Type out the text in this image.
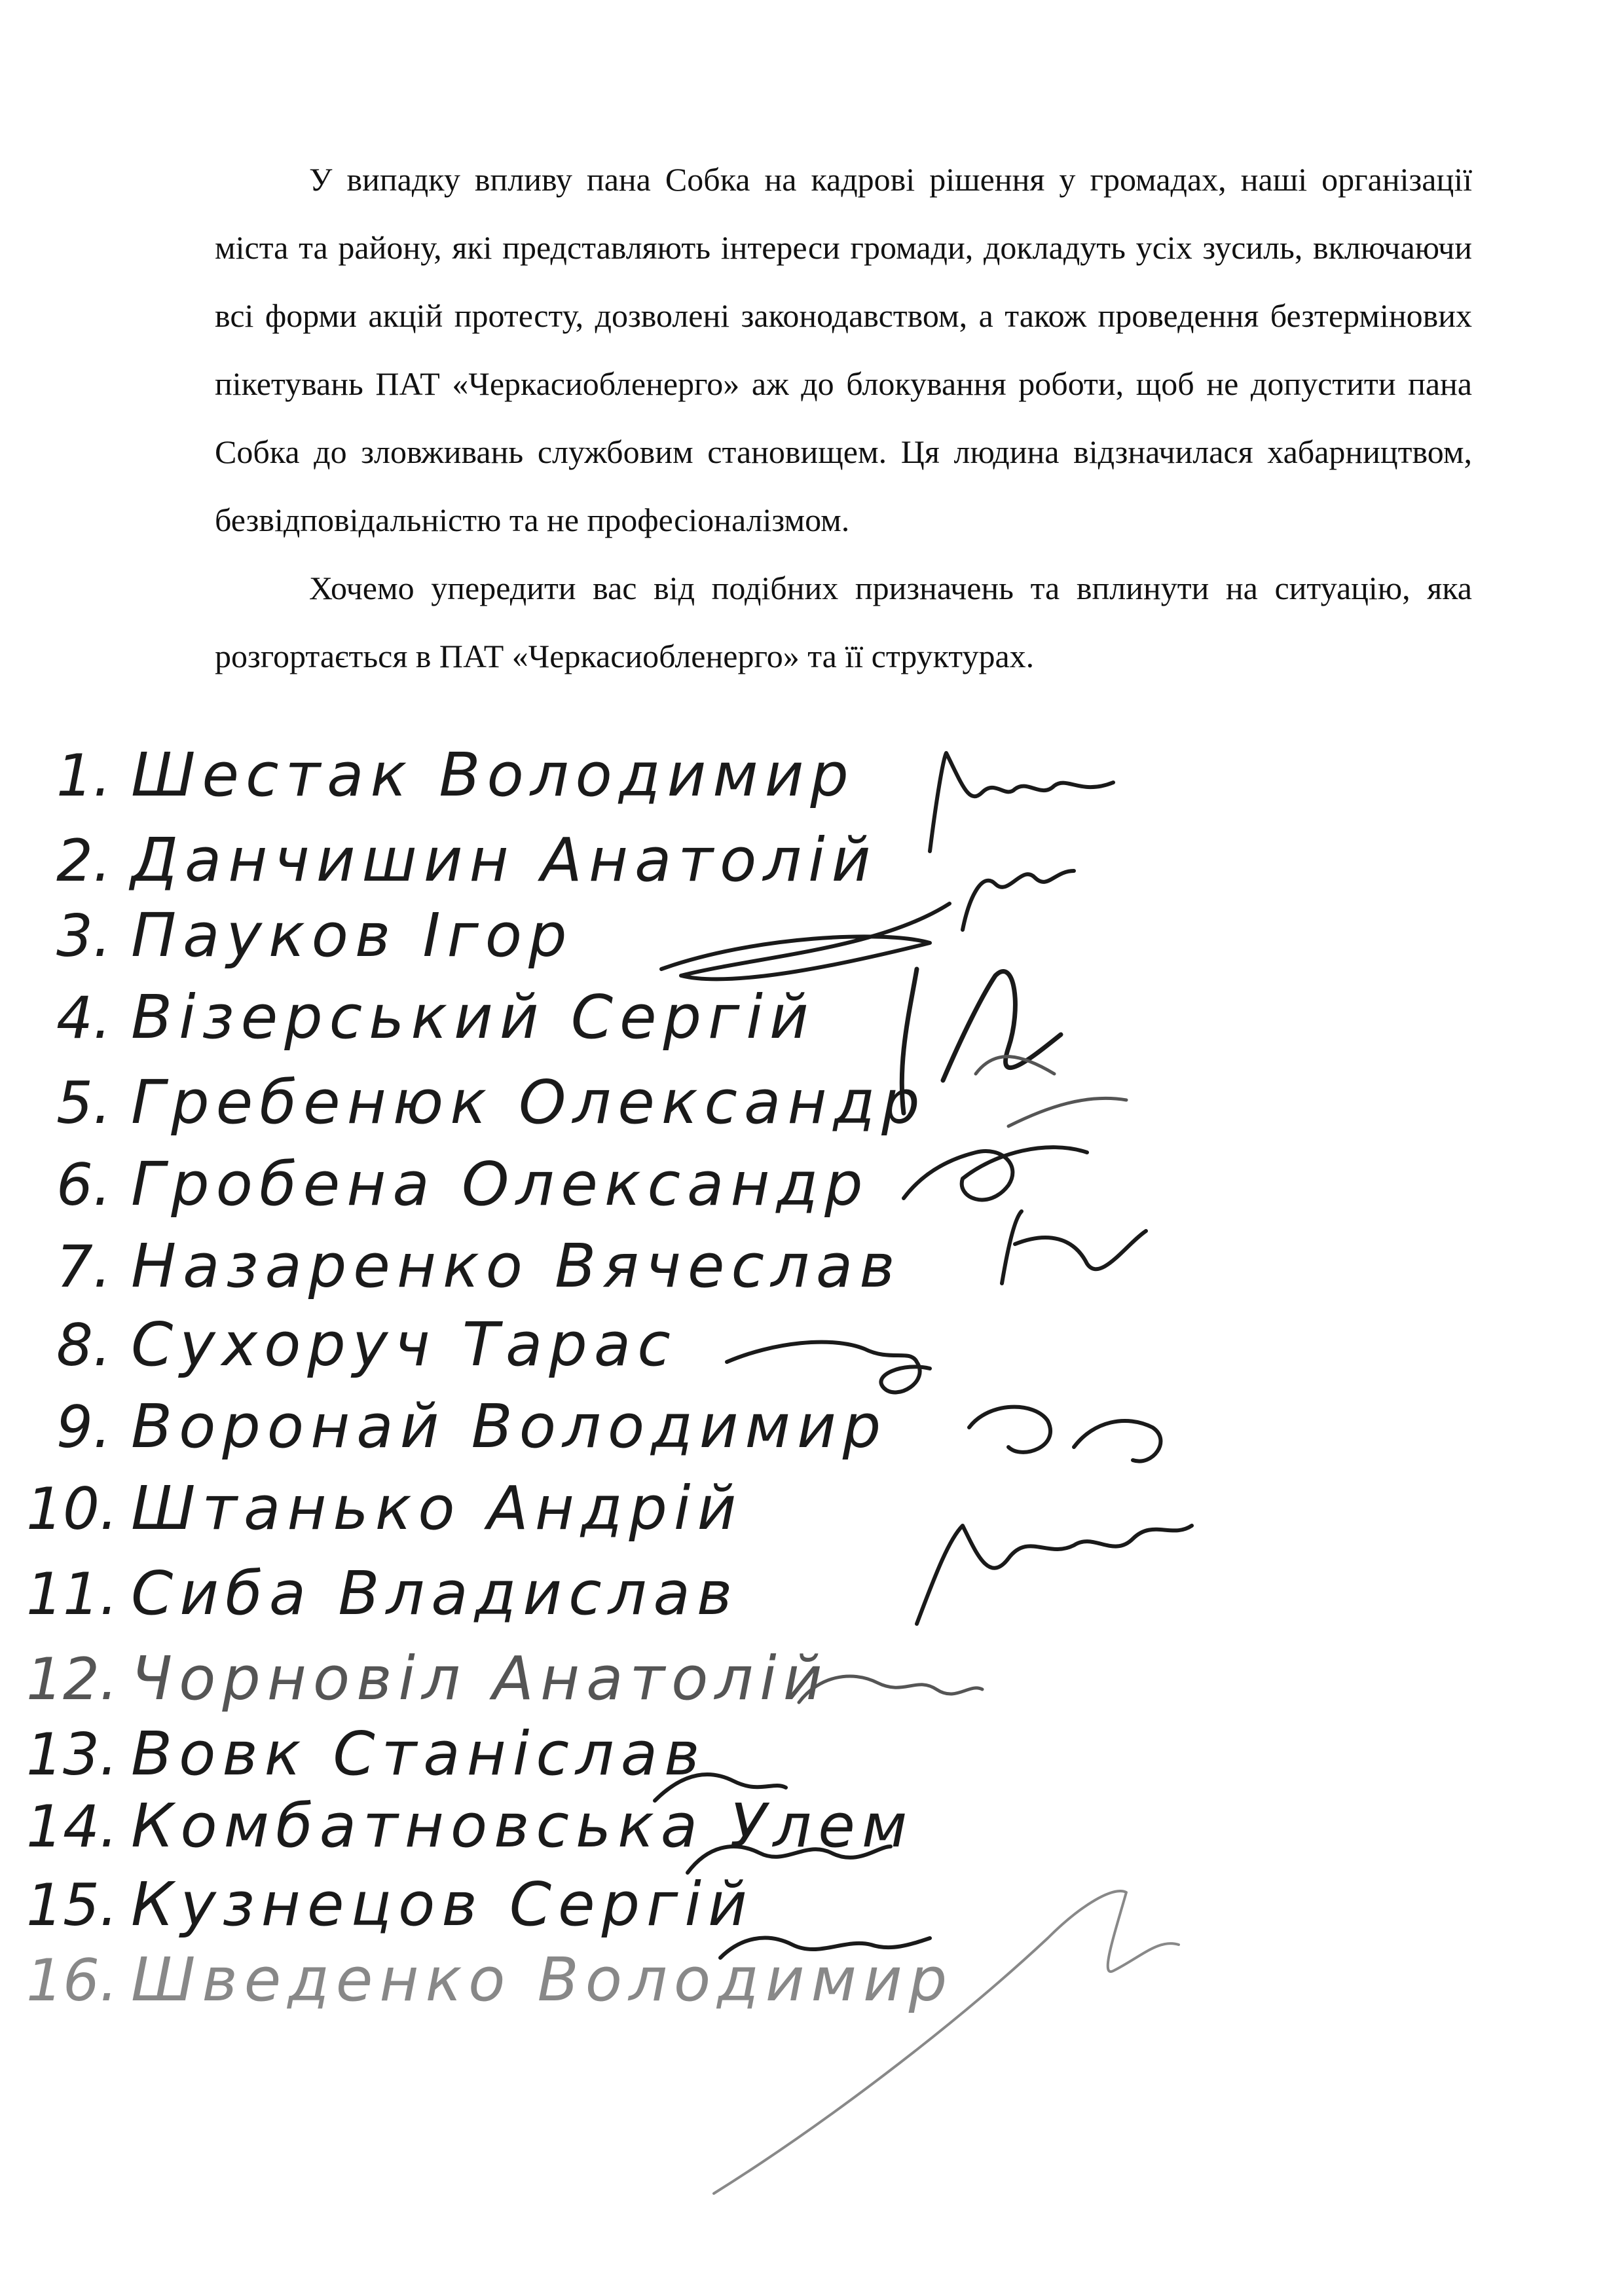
У випадку впливу пана Собка на кадрові рішення у громадах, наші організації міста та району, які представляють інтереси громади, докладуть усіх зусиль, включаючи всі форми акцій протесту, дозволені законодавством, а також проведення безтермінових пікетувань ПАТ «Черкасиобленерго» аж до блокування роботи, щоб не допустити пана Собка до зловживань службовим становищем. Ця людина відзначилася хабарництвом, безвідповідальністю та не професіоналізмом.

Хочемо упередити вас від подібних призначень та вплинути на ситуацію, яка розгортається в ПАТ «Черкасиобленерго» та її структурах.

1. Шестак Володимир
2. Данчишин Анатолій
3. Пауков Ігор
4. Візерський Сергій
5. Гребенюк Олександр
6. Гробена Олександр
7. Назаренко Вячеслав
8. Сухоруч Тарас
9. Воронай Володимир
10. Штанько Андрій
11. Сиба Владислав
12. Чорновіл Анатолій
13. Вовк Станіслав
14. Комбатновська Улем
15. Кузнецов Сергій
16. Шведенко Володимир
